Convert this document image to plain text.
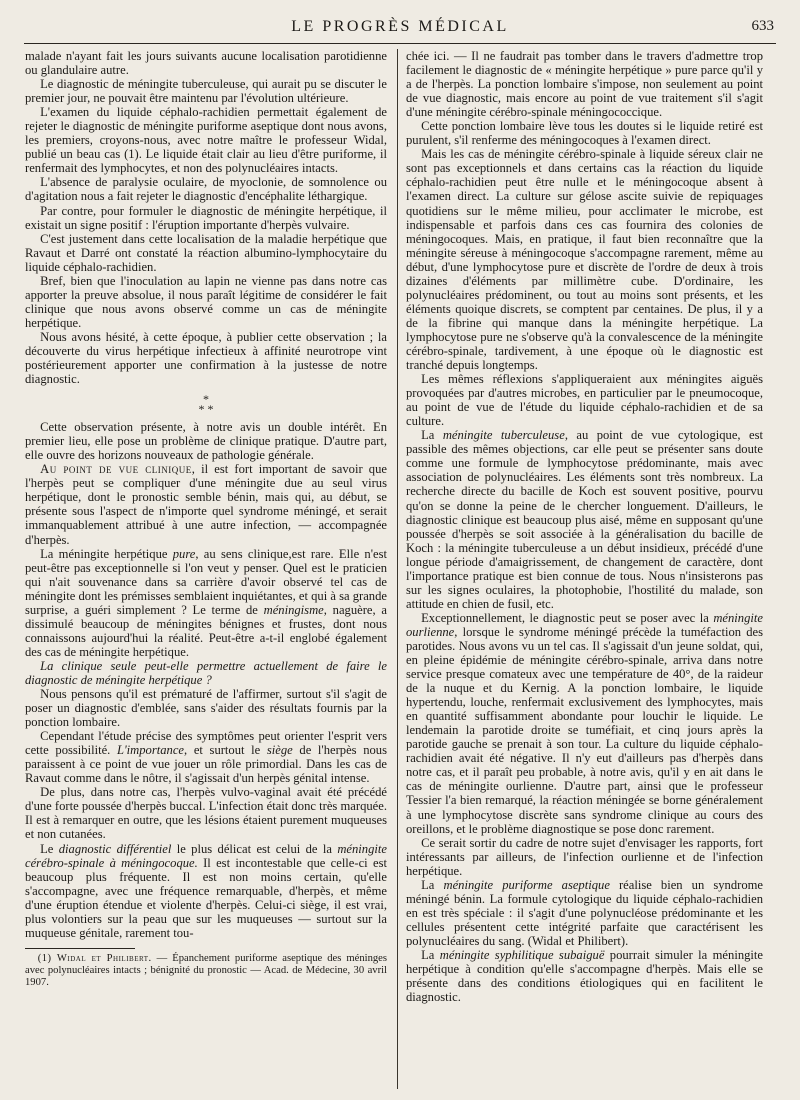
LE PROGRÈS MÉDICAL	633

malade n'ayant fait les jours suivants aucune localisation parotidienne ou glandulaire autre.

Le diagnostic de méningite tuberculeuse, qui aurait pu se discuter le premier jour, ne pouvait être maintenu par l'évolution ultérieure.

L'examen du liquide céphalo-rachidien permettait également de rejeter le diagnostic de méningite puriforme aseptique dont nous avons, les premiers, croyons-nous, avec notre maître le professeur Widal, publié un beau cas (1). Le liquide était clair au lieu d'être puriforme, il renfermait des lymphocytes, et non des polynucléaires intacts.

L'absence de paralysie oculaire, de myoclonie, de somnolence ou d'agitation nous a fait rejeter le diagnostic d'encéphalite léthargique.

Par contre, pour formuler le diagnostic de méningite herpétique, il existait un signe positif : l'éruption importante d'herpès vulvaire.

C'est justement dans cette localisation de la maladie herpétique que Ravaut et Darré ont constaté la réaction albumino-lymphocytaire du liquide céphalo-rachidien.

Bref, bien que l'inoculation au lapin ne vienne pas dans notre cas apporter la preuve absolue, il nous paraît légitime de considérer le fait clinique que nous avons observé comme un cas de méningite herpétique.

Nous avons hésité, à cette époque, à publier cette observation ; la découverte du virus herpétique infectieux à affinité neurotrope vint postérieurement apporter une confirmation à la justesse de notre diagnostic.

*
* *

Cette observation présente, à notre avis un double intérêt. En premier lieu, elle pose un problème de clinique pratique. D'autre part, elle ouvre des horizons nouveaux de pathologie générale.

Au point de vue clinique, il est fort important de savoir que l'herpès peut se compliquer d'une méningite due au seul virus herpétique, dont le pronostic semble bénin, mais qui, au début, se présente sous l'aspect de n'importe quel syndrome méningé, et serait immanquablement attribué à une autre infection, — accompagnée d'herpès.

La méningite herpétique pure, au sens clinique,est rare. Elle n'est peut-être pas exceptionnelle si l'on veut y penser. Quel est le praticien qui n'ait souvenance dans sa carrière d'avoir observé tel cas de méningite dont les prémisses semblaient inquiétantes, et qui à sa grande surprise, a guéri simplement ? Le terme de méningisme, naguère, a dissimulé beaucoup de méningites bénignes et frustes, dont nous connaissons aujourd'hui la réalité. Peut-être a-t-il englobé également des cas de méningite herpétique.

La clinique seule peut-elle permettre actuellement de faire le diagnostic de méningite herpétique ?

Nous pensons qu'il est prématuré de l'affirmer, surtout s'il s'agit de poser un diagnostic d'emblée, sans s'aider des résultats fournis par la ponction lombaire.

Cependant l'étude précise des symptômes peut orienter l'esprit vers cette possibilité. L'importance, et surtout le siège de l'herpès nous paraissent à ce point de vue jouer un rôle primordial. Dans les cas de Ravaut comme dans le nôtre, il s'agissait d'un herpès génital intense.

De plus, dans notre cas, l'herpès vulvo-vaginal avait été précédé d'une forte poussée d'herpès buccal. L'infection était donc très marquée. Il est à remarquer en outre, que les lésions étaient purement muqueuses et non cutanées.

Le diagnostic différentiel le plus délicat est celui de la méningite cérébro-spinale à méningocoque. Il est incontestable que celle-ci est beaucoup plus fréquente. Il est non moins certain, qu'elle s'accompagne, avec une fréquence remarquable, d'herpès, et même d'une éruption étendue et violente d'herpès. Celui-ci siège, il est vrai, plus volontiers sur la peau que sur les muqueuses — surtout sur la muqueuse génitale, rarement tou-

(1) Widal et Philibert. — Épanchement puriforme aseptique des méninges avec polynucléaires intacts ; bénignité du pronostic — Acad. de Médecine, 30 avril 1907.

chée ici. — Il ne faudrait pas tomber dans le travers d'admettre trop facilement le diagnostic de « méningite herpétique » pure parce qu'il y a de l'herpès. La ponction lombaire s'impose, non seulement au point de vue diagnostic, mais encore au point de vue traitement s'il s'agit d'une méningite cérébro-spinale méningococcique.

Cette ponction lombaire lève tous les doutes si le liquide retiré est purulent, s'il renferme des méningocoques à l'examen direct.

Mais les cas de méningite cérébro-spinale à liquide séreux clair ne sont pas exceptionnels et dans certains cas la réaction du liquide céphalo-rachidien peut être nulle et le méningocoque absent à l'examen direct. La culture sur gélose ascite suivie de repiquages quotidiens sur le même milieu, pour acclimater le microbe, est indispensable et parfois dans ces cas fournira des colonies de méningocoques. Mais, en pratique, il faut bien reconnaître que la méningite séreuse à méningocoque s'accompagne rarement, même au début, d'une lymphocytose pure et discrète de l'ordre de deux à trois dizaines d'éléments par millimètre cube. D'ordinaire, les polynucléaires prédominent, ou tout au moins sont présents, et les éléments quoique discrets, se comptent par centaines. De plus, il y a de la fibrine qui manque dans la méningite herpétique. La lymphocytose pure ne s'observe qu'à la convalescence de la méningite cérébro-spinale, tardivement, à une époque où le diagnostic est tranché depuis longtemps.

Les mêmes réflexions s'appliqueraient aux méningites aiguës provoquées par d'autres microbes, en particulier par le pneumocoque, au point de vue de l'étude du liquide céphalo-rachidien et de sa culture.

La méningite tuberculeuse, au point de vue cytologique, est passible des mêmes objections, car elle peut se présenter sans doute comme une formule de lymphocytose prédominante, mais avec association de polynucléaires. Les éléments sont très nombreux. La recherche directe du bacille de Koch est souvent positive, pourvu qu'on se donne la peine de le chercher longuement. D'ailleurs, le diagnostic clinique est beaucoup plus aisé, même en supposant qu'une poussée d'herpès se soit associée à la généralisation du bacille de Koch : la méningite tuberculeuse a un début insidieux, précédé d'une longue période d'amaigrissement, de changement de caractère, dont l'importance pratique est bien connue de tous. Nous n'insisterons pas sur les signes oculaires, la photophobie, l'hostilité du malade, son attitude en chien de fusil, etc.

Exceptionnellement, le diagnostic peut se poser avec la méningite ourlienne, lorsque le syndrome méningé précède la tuméfaction des parotides. Nous avons vu un tel cas. Il s'agissait d'un jeune soldat, qui, en pleine épidémie de méningite cérébro-spinale, arriva dans notre service presque comateux avec une température de 40°, de la raideur de la nuque et du Kernig. A la ponction lombaire, le liquide hypertendu, louche, renfermait exclusivement des lymphocytes, mais en quantité suffisamment abondante pour louchir le liquide. Le lendemain la parotide droite se tuméfiait, et cinq jours après la parotide gauche se prenait à son tour. La culture du liquide céphalo-rachidien avait été négative. Il n'y eut d'ailleurs pas d'herpès dans notre cas, et il paraît peu probable, à notre avis, qu'il y en ait dans le cas de méningite ourlienne. D'autre part, ainsi que le professeur Tessier l'a bien remarqué, la réaction méningée se borne généralement à une lymphocytose discrète sans syndrome clinique au cours des oreillons, et le problème diagnostique se pose donc rarement.

Ce serait sortir du cadre de notre sujet d'envisager les rapports, fort intéressants par ailleurs, de l'infection ourlienne et de l'infection herpétique.

La méningite puriforme aseptique réalise bien un syndrome méningé bénin. La formule cytologique du liquide céphalo-rachidien en est très spéciale : il s'agit d'une polynucléose prédominante et les cellules présentent cette intégrité parfaite que caractérisent les polynucléaires du sang. (Widal et Philibert).

La méningite syphilitique subaiguë pourrait simuler la méningite herpétique à condition qu'elle s'accompagne d'herpès. Mais elle se présente dans des conditions étiologiques qui en facilitent le diagnostic.
